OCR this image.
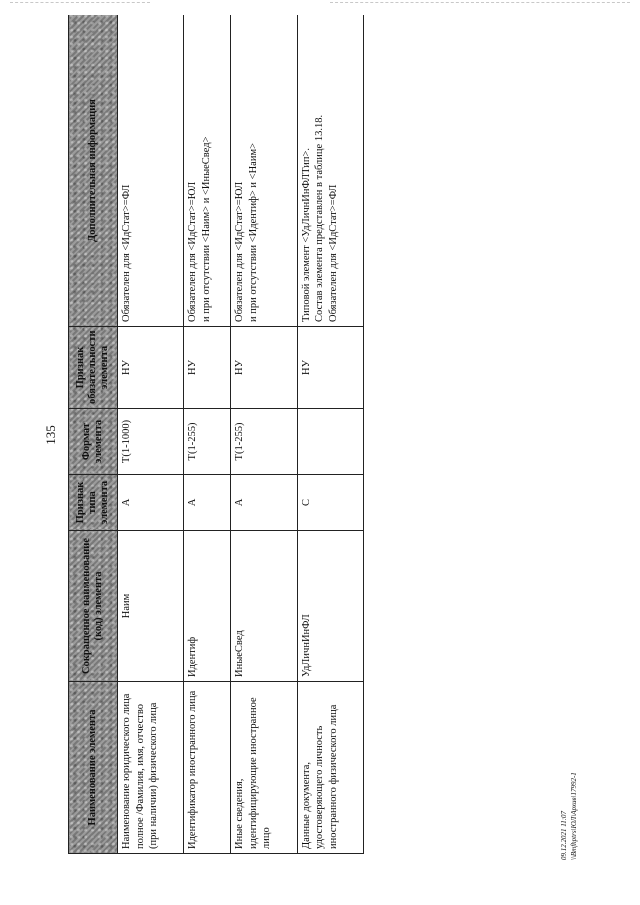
135
09.12.2021 11:07 \\Bmfhptrs\ЮЛ\Архив\17992-1
Наименование элемента	Сокращенное наименование (код) элемента	Признак типа элемента	Формат элемента	Признак обязательности элемента	Дополнительная информация
Наименование юридического лица полное /Фамилия, имя, отчество (при наличии) физического лица	Наим	А	T(1-1000)	НУ	Обязателен для <ИдСтат>=ФЛ

Идентификатор иностранного лица	Идентиф	А	T(1-255)	НУ	Обязателен для <ИдСтат>=ЮЛ и при отсутствии <Наим> и <ИныеСвед>

Иные сведения, идентифицирующие иностранное лицо	ИныеСвед	А	T(1-255)	НУ	Обязателен для <ИдСтат>=ЮЛ и при отсутствии <Идентиф> и <Наим>

Данные документа, удостоверяющего личность иностранного физического лица	УдЛичнИнФЛ	С		НУ	Типовой элемент <УдЛичнИнФЛТип>. Состав элемента представлен в таблице 13.18. Обязателен для <ИдСтат>=ФЛ
